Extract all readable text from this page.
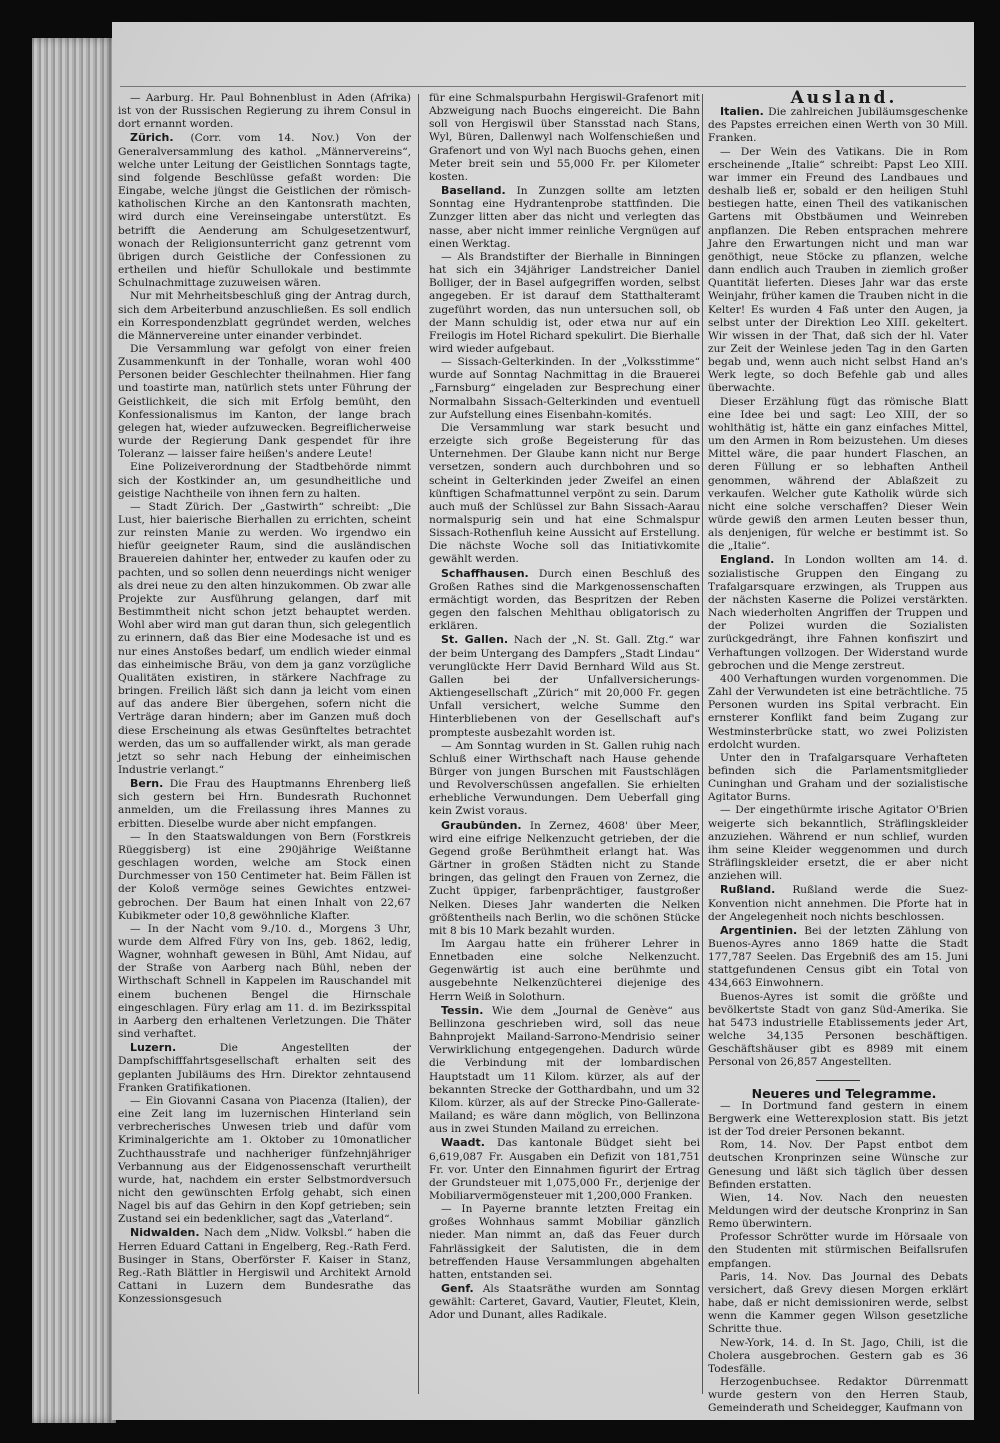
— Aarburg. Hr. Paul Bohnenblust in Aden (Afrika) ist von der Russischen Regierung zu ihrem Consul in dort ernannt worden.

Zürich. (Corr. vom 14. Nov.) Von der Generalversammlung des kathol. „Männervereins“, welche unter Leitung der Geistlichen Sonntags tagte, sind folgende Beschlüsse gefaßt worden: Die Eingabe, welche jüngst die Geistlichen der römisch-katholischen Kirche an den Kantonsrath machten, wird durch eine Vereinseingabe unterstützt. Es betrifft die Aenderung am Schulgesetzentwurf, wonach der Religionsunterricht ganz getrennt vom übrigen durch Geistliche der Confessionen zu ertheilen und hiefür Schullokale und bestimmte Schulnachmittage zuzuweisen wären.

Nur mit Mehrheitsbeschluß ging der Antrag durch, sich dem Arbeiterbund anzuschließen. Es soll endlich ein Korrespondenzblatt gegründet werden, welches die Männervereine unter einander verbindet.

Die Versammlung war gefolgt von einer freien Zusammenkunft in der Tonhalle, woran wohl 400 Personen beider Geschlechter theilnahmen. Hier fang und toastirte man, natürlich stets unter Führung der Geistlichkeit, die sich mit Erfolg bemüht, den Konfessionalismus im Kanton, der lange brach gelegen hat, wieder aufzuwecken. Begreiflicherweise wurde der Regierung Dank gespendet für ihre Toleranz — laisser faire heißen's andere Leute!

Eine Polizeiverordnung der Stadtbehörde nimmt sich der Kostkinder an, um gesundheitliche und geistige Nachtheile von ihnen fern zu halten.

— Stadt Zürich. Der „Gastwirth“ schreibt: „Die Lust, hier baierische Bierhallen zu errichten, scheint zur reinsten Manie zu werden. Wo irgendwo ein hiefür geeigneter Raum, sind die ausländischen Brauereien dahinter her, entweder zu kaufen oder zu pachten, und so sollen denn neuerdings nicht weniger als drei neue zu den alten hinzukommen. Ob zwar alle Projekte zur Ausführung gelangen, darf mit Bestimmtheit nicht schon jetzt behauptet werden. Wohl aber wird man gut daran thun, sich gelegentlich zu erinnern, daß das Bier eine Modesache ist und es nur eines Anstoßes bedarf, um endlich wieder einmal das einheimische Bräu, von dem ja ganz vorzügliche Qualitäten existiren, in stärkere Nachfrage zu bringen. Freilich läßt sich dann ja leicht vom einen auf das andere Bier übergehen, sofern nicht die Verträge daran hindern; aber im Ganzen muß doch diese Erscheinung als etwas Gesünfteltes betrachtet werden, das um so auffallender wirkt, als man gerade jetzt so sehr nach Hebung der einheimischen Industrie verlangt.“

Bern. Die Frau des Hauptmanns Ehrenberg ließ sich gestern bei Hrn. Bundesrath Ruchonnet anmelden, um die Freilassung ihres Mannes zu erbitten. Dieselbe wurde aber nicht empfangen.

— In den Staatswaldungen von Bern (Forstkreis Rüeggisberg) ist eine 290jährige Weißtanne geschlagen worden, welche am Stock einen Durchmesser von 150 Centimeter hat. Beim Fällen ist der Koloß vermöge seines Gewichtes entzwei-gebrochen. Der Baum hat einen Inhalt von 22,67 Kubikmeter oder 10,8 gewöhnliche Klafter.

— In der Nacht vom 9./10. d., Morgens 3 Uhr, wurde dem Alfred Füry von Ins, geb. 1862, ledig, Wagner, wohnhaft gewesen in Bühl, Amt Nidau, auf der Straße von Aarberg nach Bühl, neben der Wirthschaft Schnell in Kappelen im Rauschandel mit einem buchenen Bengel die Hirnschale eingeschlagen. Füry erlag am 11. d. im Bezirksspital in Aarberg den erhaltenen Verletzungen. Die Thäter sind verhaftet.

Luzern.	Die Angestellten der Dampfschifffahrtsgesellschaft erhalten seit des geplanten Jubiläums des Hrn. Direktor zehntausend Franken Gratifikationen.

— Ein Giovanni Casana von Piacenza (Italien), der eine Zeit lang im luzernischen Hinterland sein verbrecherisches Unwesen trieb und dafür vom Kriminalgerichte am 1. Oktober zu 10monatlicher Zuchthausstrafe und nachheriger fünfzehnjähriger Verbannung aus der Eidgenossenschaft verurtheilt wurde, hat, nachdem ein erster Selbstmordversuch nicht den gewünschten Erfolg gehabt, sich einen Nagel bis auf das Gehirn in den Kopf getrieben; sein Zustand sei ein bedenklicher, sagt das „Vaterland“.

Nidwalden. Nach dem „Nidw. Volksbl.“ haben die Herren Eduard Cattani in Engelberg, Reg.-Rath Ferd. Businger in Stans, Oberförster F. Kaiser in Stanz, Reg.-Rath Blättler in Hergiswil und Architekt Arnold Cattani in Luzern dem Bundesrathe das Konzessionsgesuch

für eine Schmalspurbahn Hergiswil-Grafenort mit Abzweigung nach Buochs eingereicht. Die Bahn soll von Hergiswil über Stansstad nach Stans, Wyl, Büren, Dallenwyl nach Wolfenschießen und Grafenort und von Wyl nach Buochs gehen, einen Meter breit sein und 55,000 Fr. per Kilometer kosten.

Baselland. In Zunzgen sollte am letzten Sonntag eine Hydrantenprobe stattfinden. Die Zunzger litten aber das nicht und verlegten das nasse, aber nicht immer reinliche Vergnügen auf einen Werktag.

— Als Brandstifter der Bierhalle in Binningen hat sich ein 34jähriger Landstreicher Daniel Bolliger, der in Basel aufgegriffen worden, selbst angegeben. Er ist darauf dem Statthalteramt zugeführt worden, das nun untersuchen soll, ob der Mann schuldig ist, oder etwa nur auf ein Freilogis im Hotel Richard spekulirt. Die Bierhalle wird wieder aufgebaut.

— Sissach-Gelterkinden. In der „Volksstimme“ wurde auf Sonntag Nachmittag in die Brauerei „Farnsburg“ eingeladen zur Besprechung einer Normalbahn Sissach-Gelterkinden und eventuell zur Aufstellung eines Eisenbahn-komités.

Die Versammlung war stark besucht und erzeigte sich große Begeisterung für das Unternehmen. Der Glaube kann nicht nur Berge versetzen, sondern auch durchbohren und so scheint in Gelterkinden jeder Zweifel an einen künftigen Schafmattunnel verpönt zu sein. Darum auch muß der Schlüssel zur Bahn Sissach-Aarau normalspurig sein und hat eine Schmalspur Sissach-Rothenfluh keine Aussicht auf Erstellung. Die nächste Woche soll das Initiativkomite gewählt werden.

Schaffhausen. Durch einen Beschluß des Großen Rathes sind die Markgenossenschaften ermächtigt worden, das Bespritzen der Reben gegen den falschen Mehlthau obligatorisch zu erklären.

St. Gallen. Nach der „N. St. Gall. Ztg.“ war der beim Untergang des Dampfers „Stadt Lindau“ verunglückte Herr David Bernhard Wild aus St. Gallen bei der Unfallversicherungs-Aktiengesellschaft „Zürich“ mit 20,000 Fr. gegen Unfall versichert, welche Summe den Hinterbliebenen von der Gesellschaft auf's prompteste ausbezahlt worden ist.

— Am Sonntag wurden in St. Gallen ruhig nach Schluß einer Wirthschaft nach Hause gehende Bürger von jungen Burschen mit Faustschlägen und Revolverschüssen angefallen. Sie erhielten erhebliche Verwundungen. Dem Ueberfall ging kein Zwist voraus.

Graubünden. In Zernez, 4608' über Meer, wird eine eifrige Nelkenzucht getrieben, der die Gegend große Berühmtheit erlangt hat. Was Gärtner in großen Städten nicht zu Stande bringen, das gelingt den Frauen von Zernez, die Zucht üppiger, farbenprächtiger, faustgroßer Nelken. Dieses Jahr wanderten die Nelken größtentheils nach Berlin, wo die schönen Stücke mit 8 bis 10 Mark bezahlt wurden.

Im Aargau hatte ein früherer Lehrer in Ennetbaden eine solche Nelkenzucht. Gegenwärtig ist auch eine berühmte und ausgebehnte Nelkenzüchterei diejenige des Herrn Weiß in Solothurn.

Tessin. Wie dem „Journal de Genève“ aus Bellinzona geschrieben wird, soll das neue Bahnprojekt Mailand-Sarrono-Mendrisio seiner Verwirklichung entgegengehen. Dadurch würde die Verbindung mit der lombardischen Hauptstadt um 11 Kilom. kürzer, als auf der bekannten Strecke der Gotthardbahn, und um 32 Kilom. kürzer, als auf der Strecke Pino-Gallerate-Mailand; es wäre dann möglich, von Bellinzona aus in zwei Stunden Mailand zu erreichen.

Waadt. Das kantonale Büdget sieht bei 6,619,087 Fr. Ausgaben ein Defizit von 181,751 Fr. vor. Unter den Einnahmen figurirt der Ertrag der Grundsteuer mit 1,075,000 Fr., derjenige der Mobiliarvermögensteuer mit 1,200,000 Franken.

— In Payerne brannte letzten Freitag ein großes Wohnhaus sammt Mobiliar gänzlich nieder. Man nimmt an, daß das Feuer durch Fahrlässigkeit der Salutisten, die in dem betreffenden Hause Versammlungen abgehalten hatten, entstanden sei.

Genf. Als Staatsräthe wurden am Sonntag gewählt: Carteret, Gavard, Vautier, Fleutet, Klein, Ador und Dunant, alles Radikale.

Ausland.

Italien. Die zahlreichen Jubiläumsgeschenke des Papstes erreichen einen Werth von 30 Mill. Franken.

— Der Wein des Vatikans. Die in Rom erscheinende „Italie“ schreibt: Papst Leo XIII. war immer ein Freund des Landbaues und deshalb ließ er, sobald er den heiligen Stuhl bestiegen hatte, einen Theil des vatikanischen Gartens mit Obstbäumen und Weinreben anpflanzen. Die Reben entsprachen mehrere Jahre den Erwartungen nicht und man war genöthigt, neue Stöcke zu pflanzen, welche dann endlich auch Trauben in ziemlich großer Quantität lieferten. Dieses Jahr war das erste Weinjahr, früher kamen die Trauben nicht in die Kelter! Es wurden 4 Faß unter den Augen, ja selbst unter der Direktion Leo XIII. gekeltert. Wir wissen in der That, daß sich der hl. Vater zur Zeit der Weinlese jeden Tag in den Garten begab und, wenn auch nicht selbst Hand an's Werk legte, so doch Befehle gab und alles überwachte.

Dieser Erzählung fügt das römische Blatt eine Idee bei und sagt: Leo XIII, der so wohlthätig ist, hätte ein ganz einfaches Mittel, um den Armen in Rom beizustehen. Um dieses Mittel wäre, die paar hundert Flaschen, an deren Füllung er so lebhaften Antheil genommen, während der Ablaßzeit zu verkaufen. Welcher gute Katholik würde sich nicht eine solche verschaffen? Dieser Wein würde gewiß den armen Leuten besser thun, als denjenigen, für welche er bestimmt ist. So die „Italie“.

England. In London wollten am 14. d. sozialistische Gruppen den Eingang zu Trafalgarsquare erzwingen, als Truppen aus der nächsten Kaserne die Polizei verstärkten. Nach wiederholten Angriffen der Truppen und der Polizei wurden die Sozialisten zurückgedrängt, ihre Fahnen konfiszirt und Verhaftungen vollzogen. Der Widerstand wurde gebrochen und die Menge zerstreut.

400 Verhaftungen wurden vorgenommen. Die Zahl der Verwundeten ist eine beträchtliche. 75 Personen wurden ins Spital verbracht. Ein ernsterer Konflikt fand beim Zugang zur Westminsterbrücke statt, wo zwei Polizisten erdolcht wurden.

Unter den in Trafalgarsquare Verhafteten befinden sich die Parlamentsmitglieder Cuninghan und Graham und der sozialistische Agitator Burns.

— Der eingethürmte irische Agitator O'Brien weigerte sich bekanntlich, Sträflingskleider anzuziehen. Während er nun schlief, wurden ihm seine Kleider weggenommen und durch Sträflingskleider ersetzt, die er aber nicht anziehen will.

Rußland. Rußland werde die Suez-Konvention nicht annehmen. Die Pforte hat in der Angelegenheit noch nichts beschlossen.

Argentinien. Bei der letzten Zählung von Buenos-Ayres anno 1869 hatte die Stadt 177,787 Seelen. Das Ergebniß des am 15. Juni stattgefundenen Census gibt ein Total von 434,663 Einwohnern.

Buenos-Ayres ist somit die größte und bevölkertste Stadt von ganz Süd-Amerika. Sie hat 5473 industrielle Etablissements jeder Art, welche 34,135 Personen beschäftigen. Geschäftshäuser gibt es 8989 mit einem Personal von 26,857 Angestellten.

Neueres und Telegramme.

— In Dortmund fand gestern in einem Bergwerk eine Wetterexplosion statt. Bis jetzt ist der Tod dreier Personen bekannt.

Rom, 14. Nov. Der Papst entbot dem deutschen Kronprinzen seine Wünsche zur Genesung und läßt sich täglich über dessen Befinden erstatten.

Wien, 14. Nov. Nach den neuesten Meldungen wird der deutsche Kronprinz in San Remo überwintern.

Professor Schrötter wurde im Hörsaale von den Studenten mit stürmischen Beifallsrufen empfangen.

Paris, 14. Nov. Das Journal des Debats versichert, daß Grevy diesen Morgen erklärt habe, daß er nicht demissioniren werde, selbst wenn die Kammer gegen Wilson gesetzliche Schritte thue.

New-York, 14. d. In St. Jago, Chili, ist die Cholera ausgebrochen. Gestern gab es 36 Todesfälle.

Herzogenbuchsee. Redaktor Dürrenmatt wurde gestern von den Herren Staub, Gemeinderath und Scheidegger, Kaufmann von
